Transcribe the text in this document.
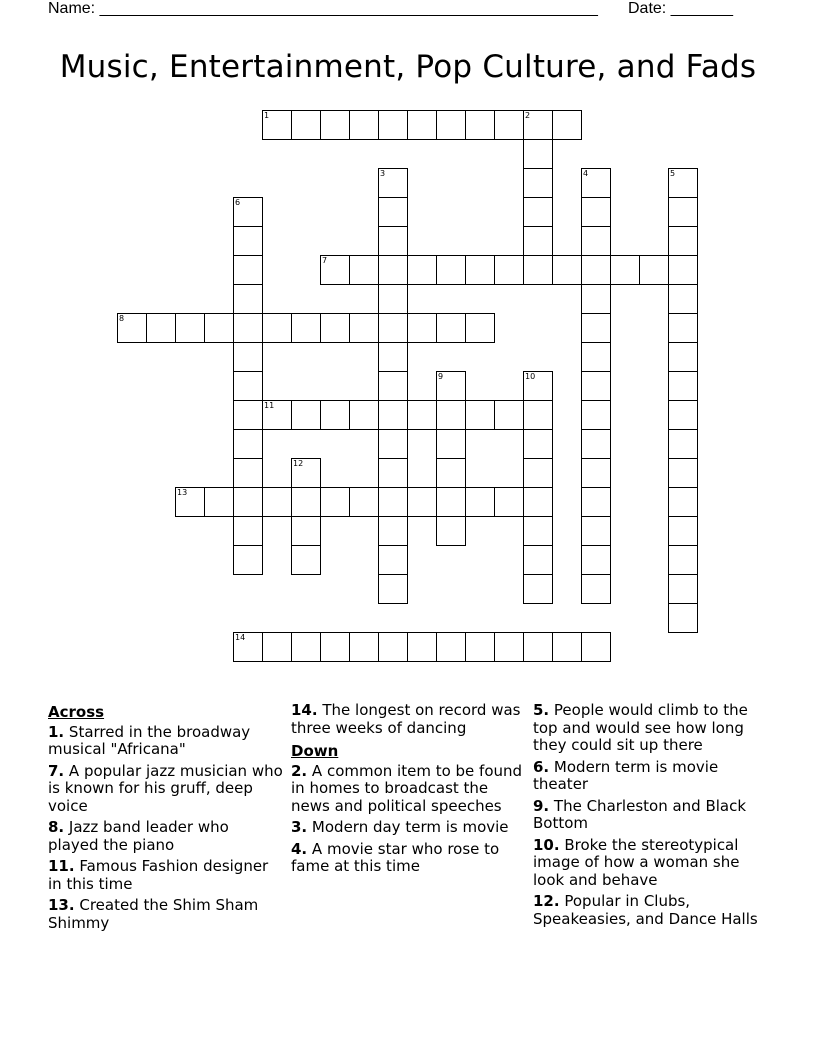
Name: ________________________________________________________ Date: _______
Music, Entertainment, Pop Culture, and Fads
1	2
3	4	5
6
7
8
9	10
11
12
13
14
Across
1. Starred in the broadway musical "Africana"
7. A popular jazz musician who is known for his gruff, deep voice
8. Jazz band leader who played the piano
11. Famous Fashion designer in this time
13. Created the Shim Sham Shimmy
14. The longest on record was three weeks of dancing
Down
2. A common item to be found in homes to broadcast the news and political speeches
3. Modern day term is movie
4. A movie star who rose to fame at this time
5. People would climb to the top and would see how long they could sit up there
6. Modern term is movie theater
9. The Charleston and Black Bottom
10. Broke the stereotypical image of how a woman she look and behave
12. Popular in Clubs, Speakeasies, and Dance Halls
